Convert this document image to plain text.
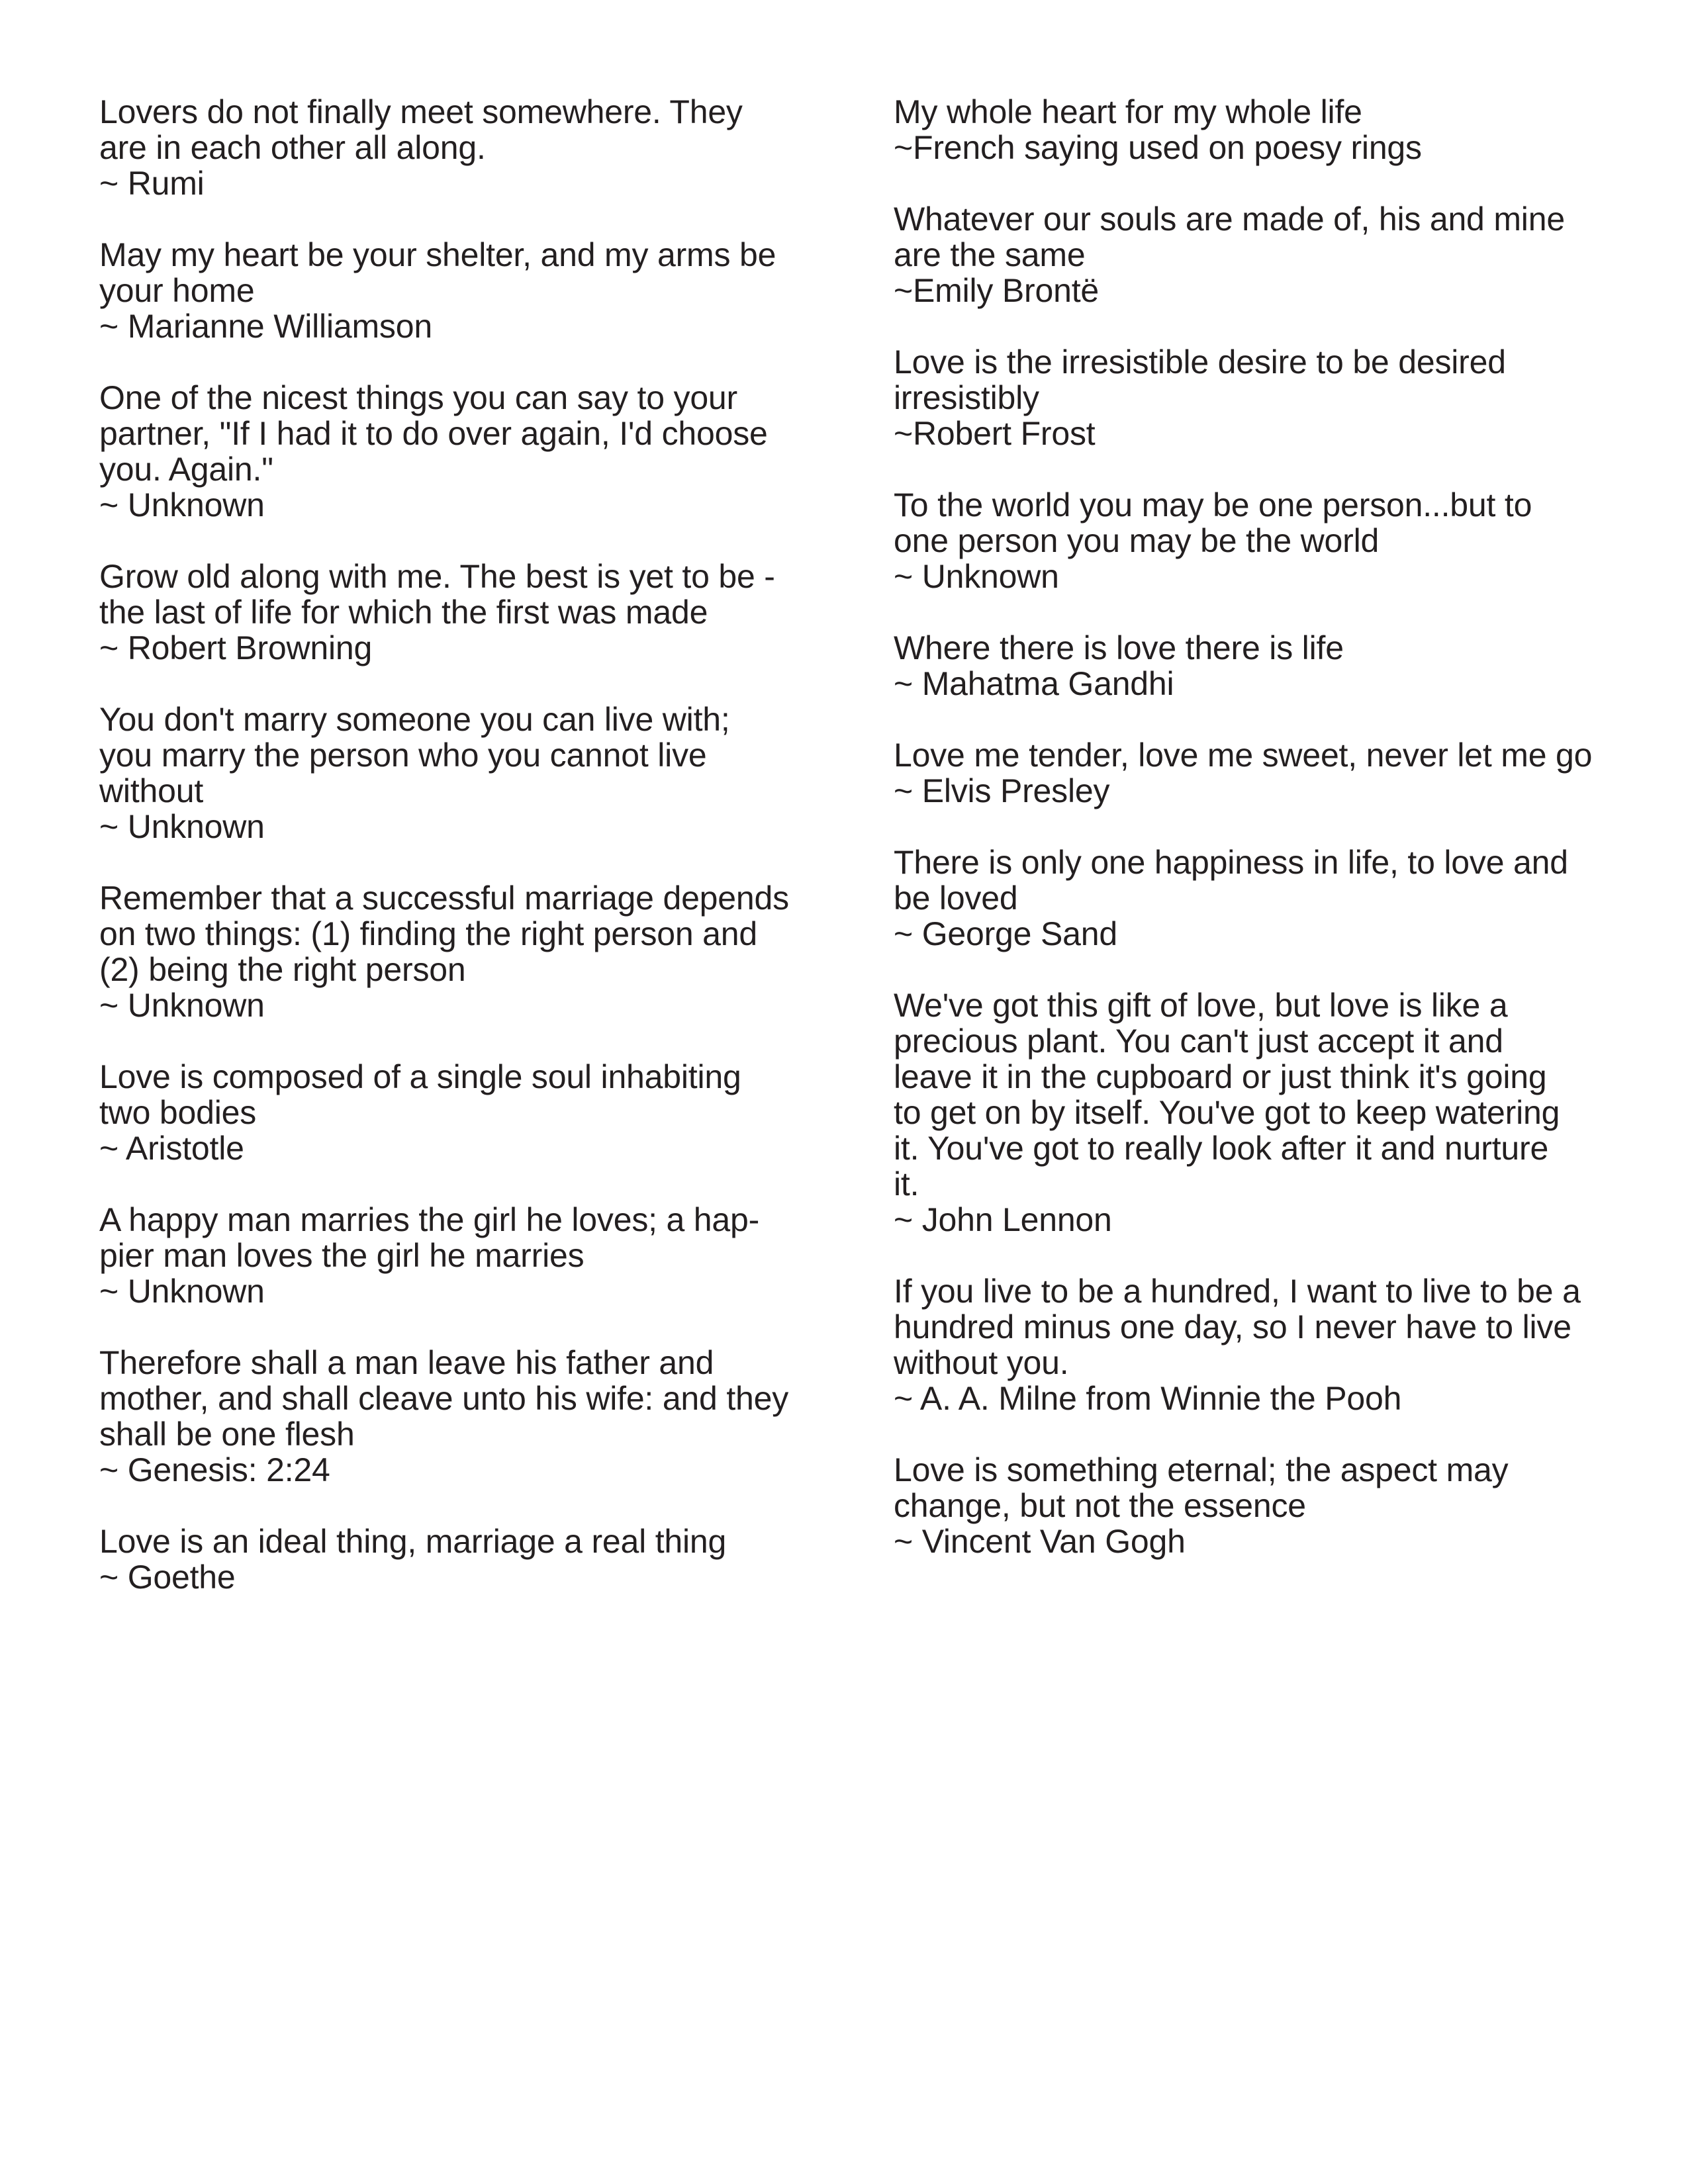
Lovers do not finally meet somewhere. They
are in each other all along.
~ Rumi
May my heart be your shelter, and my arms be
your home
~ Marianne Williamson
One of the nicest things you can say to your
partner, "If I had it to do over again, I'd choose
you. Again."
~ Unknown
Grow old along with me. The best is yet to be -
the last of life for which the first was made
~ Robert Browning
You don't marry someone you can live with;
you marry the person who you cannot live
without
~ Unknown
Remember that a successful marriage depends
on two things: (1) finding the right person and
(2) being the right person
~ Unknown
Love is composed of a single soul inhabiting
two bodies
~ Aristotle
A happy man marries the girl he loves; a hap-
pier man loves the girl he marries
~ Unknown
Therefore shall a man leave his father and
mother, and shall cleave unto his wife: and they
shall be one flesh
~ Genesis: 2:24
Love is an ideal thing, marriage a real thing
~ Goethe
My whole heart for my whole life
~French saying used on poesy rings
Whatever our souls are made of, his and mine
are the same
~Emily Brontë
Love is the irresistible desire to be desired
irresistibly
~Robert Frost
To the world you may be one person...but to
one person you may be the world
~ Unknown
Where there is love there is life
~ Mahatma Gandhi
Love me tender, love me sweet, never let me go
~ Elvis Presley
There is only one happiness in life, to love and
be loved
~ George Sand
We've got this gift of love, but love is like a
precious plant. You can't just accept it and
leave it in the cupboard or just think it's going
to get on by itself. You've got to keep watering
it. You've got to really look after it and nurture
it.
~ John Lennon
If you live to be a hundred, I want to live to be a
hundred minus one day, so I never have to live
without you.
~ A. A. Milne from Winnie the Pooh
Love is something eternal; the aspect may
change, but not the essence
~ Vincent Van Gogh
